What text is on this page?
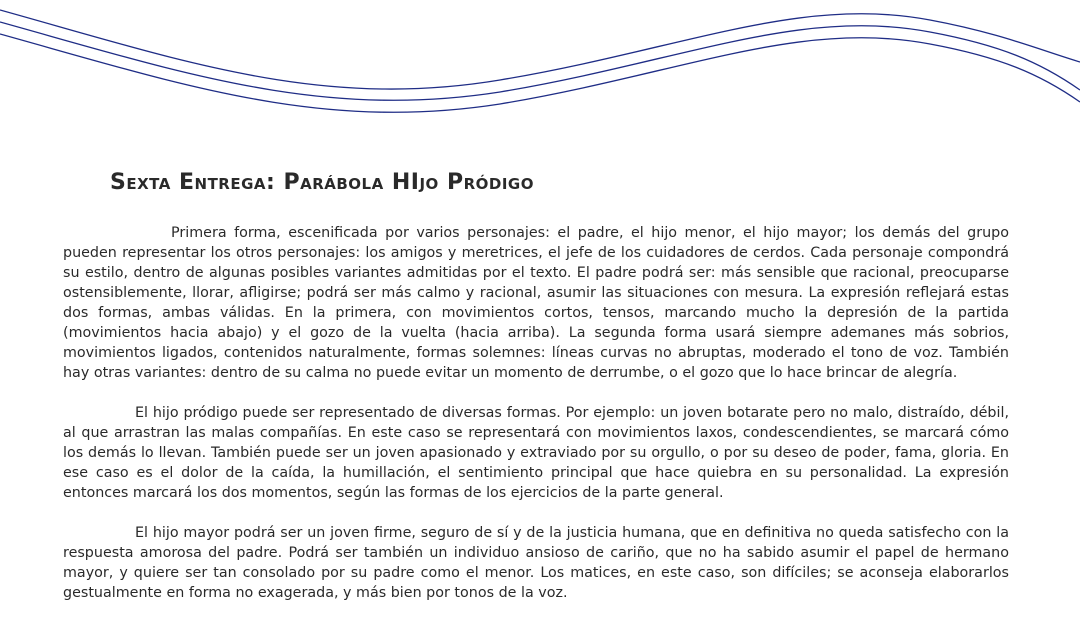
Sexta Entrega: Parábola HIjo Pródigo

Primera forma, escenificada por varios personajes: el padre, el hijo menor, el hijo mayor; los demás del grupo pueden representar los otros personajes: los amigos y meretrices, el jefe de los cuidadores de cerdos. Cada personaje compondrá su estilo, dentro de algunas posibles variantes admitidas por el texto. El padre podrá ser: más sensible que racional, preocuparse ostensiblemente, llorar, afligirse; podrá ser más calmo y racional, asumir las situaciones con mesura. La expresión reflejará estas dos formas, ambas válidas. En la primera, con movimientos cortos, tensos, marcando mucho la depresión de la partida (movimientos hacia abajo) y el gozo de la vuelta (hacia arriba). La segunda forma usará siempre ademanes más sobrios, movimientos ligados, contenidos naturalmente, formas solemnes: líneas curvas no abruptas, moderado el tono de voz. También hay otras variantes: dentro de su calma no puede evitar un momento de derrumbe, o el gozo que lo hace brincar de alegría.

El hijo pródigo puede ser representado de diversas formas. Por ejemplo: un joven botarate pero no malo, distraído, débil, al que arrastran las malas compañías. En este caso se representará con movimientos laxos, condescendientes, se marcará cómo los demás lo llevan. También puede ser un joven apasionado y extraviado por su orgullo, o por su deseo de poder, fama, gloria. En ese caso es el dolor de la caída, la humillación, el sentimiento principal que hace quiebra en su personalidad. La expresión entonces marcará los dos momentos, según las formas de los ejercicios de la parte general.

El hijo mayor podrá ser un joven firme, seguro de sí y de la justicia humana, que en definitiva no queda satisfecho con la respuesta amorosa del padre. Podrá ser también un individuo ansioso de cariño, que no ha sabido asumir el papel de hermano mayor, y quiere ser tan consolado por su padre como el menor. Los matices, en este caso, son difíciles; se aconseja elaborarlos gestualmente en forma no exagerada, y más bien por tonos de la voz.
